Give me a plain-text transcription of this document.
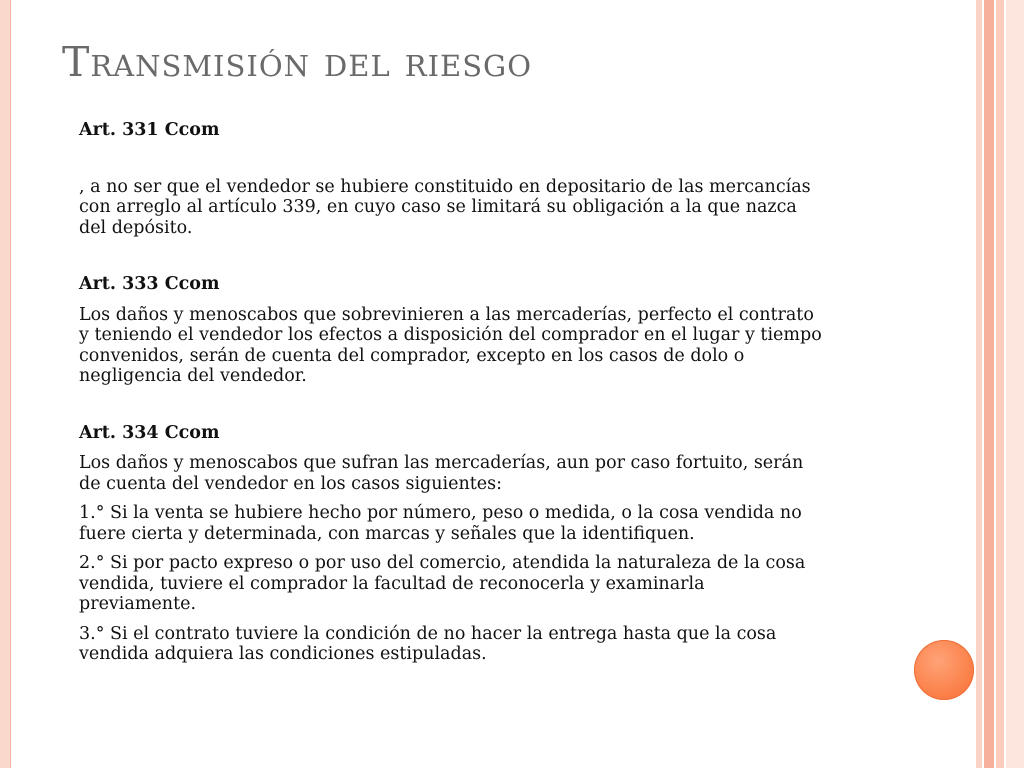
Transmisión del riesgo
Art. 331 Ccom
, a no ser que el vendedor se hubiere constituido en depositario de las mercancías
con arreglo al artículo 339, en cuyo caso se limitará su obligación a la que nazca
del depósito.
Art. 333 Ccom
Los daños y menoscabos que sobrevinieren a las mercaderías, perfecto el contrato
y teniendo el vendedor los efectos a disposición del comprador en el lugar y tiempo
convenidos, serán de cuenta del comprador, excepto en los casos de dolo o
negligencia del vendedor.
Art. 334 Ccom
Los daños y menoscabos que sufran las mercaderías, aun por caso fortuito, serán
de cuenta del vendedor en los casos siguientes:
1.° Si la venta se hubiere hecho por número, peso o medida, o la cosa vendida no
fuere cierta y determinada, con marcas y señales que la identifiquen.
2.° Si por pacto expreso o por uso del comercio, atendida la naturaleza de la cosa
vendida, tuviere el comprador la facultad de reconocerla y examinarla
previamente.
3.° Si el contrato tuviere la condición de no hacer la entrega hasta que la cosa
vendida adquiera las condiciones estipuladas.
